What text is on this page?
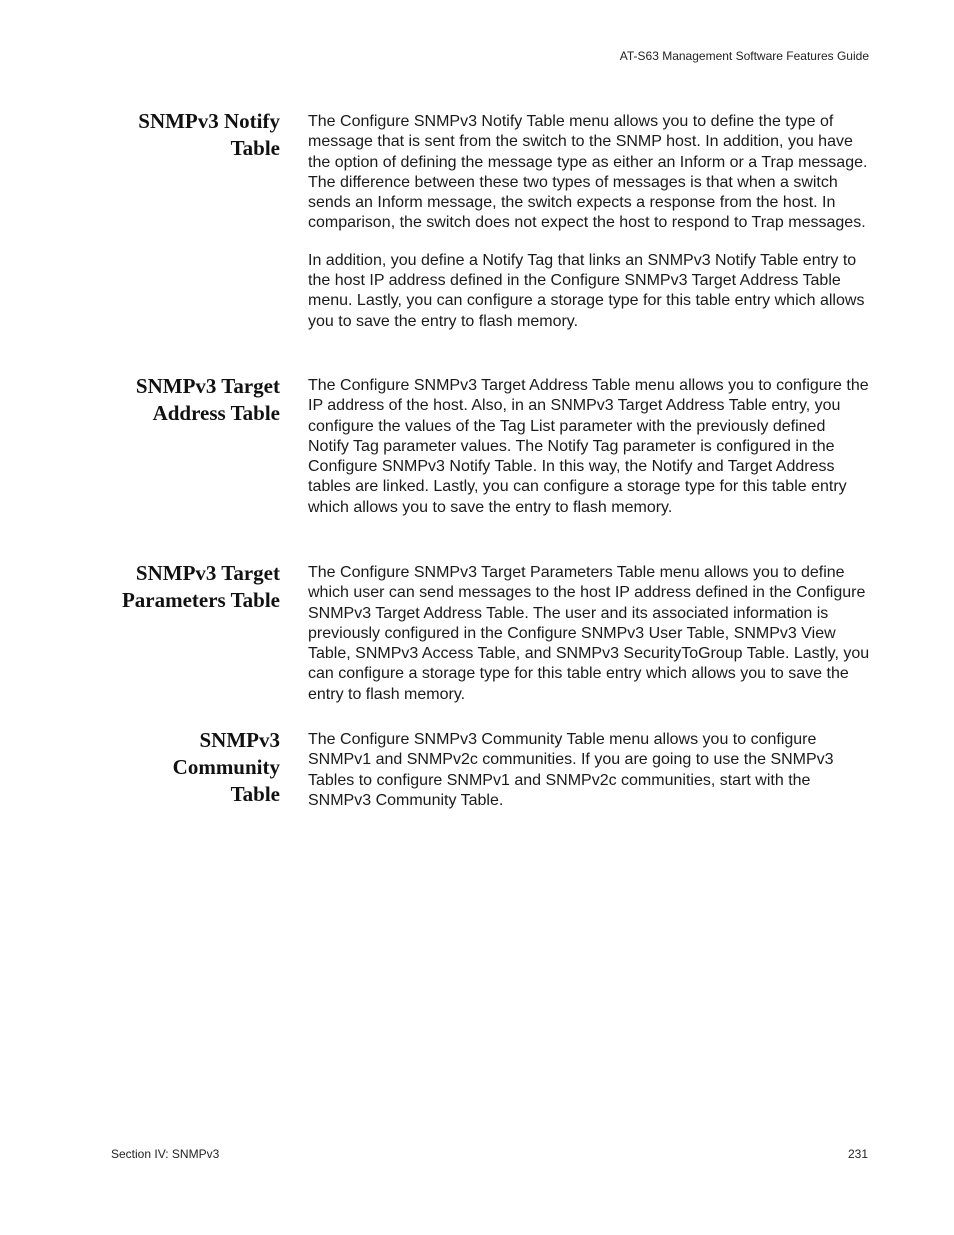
AT-S63 Management Software Features Guide
SNMPv3 Notify
Table

The Configure SNMPv3 Notify Table menu allows you to define the type of message that is sent from the switch to the SNMP host. In addition, you have the option of defining the message type as either an Inform or a Trap message. The difference between these two types of messages is that when a switch sends an Inform message, the switch expects a response from the host. In comparison, the switch does not expect the host to respond to Trap messages.

In addition, you define a Notify Tag that links an SNMPv3 Notify Table entry to the host IP address defined in the Configure SNMPv3 Target Address Table menu. Lastly, you can configure a storage type for this table entry which allows you to save the entry to flash memory.

SNMPv3 Target
Address Table

The Configure SNMPv3 Target Address Table menu allows you to configure the IP address of the host. Also, in an SNMPv3 Target Address Table entry, you configure the values of the Tag List parameter with the previously defined Notify Tag parameter values. The Notify Tag parameter is configured in the Configure SNMPv3 Notify Table. In this way, the Notify and Target Address tables are linked. Lastly, you can configure a storage type for this table entry which allows you to save the entry to flash memory.

SNMPv3 Target
Parameters Table

The Configure SNMPv3 Target Parameters Table menu allows you to define which user can send messages to the host IP address defined in the Configure SNMPv3 Target Address Table. The user and its associated information is previously configured in the Configure SNMPv3 User Table, SNMPv3 View Table, SNMPv3 Access Table, and SNMPv3 SecurityToGroup Table. Lastly, you can configure a storage type for this table entry which allows you to save the entry to flash memory.

SNMPv3
Community
Table

The Configure SNMPv3 Community Table menu allows you to configure SNMPv1 and SNMPv2c communities. If you are going to use the SNMPv3 Tables to configure SNMPv1 and SNMPv2c communities, start with the SNMPv3 Community Table.

Section IV: SNMPv3	231
